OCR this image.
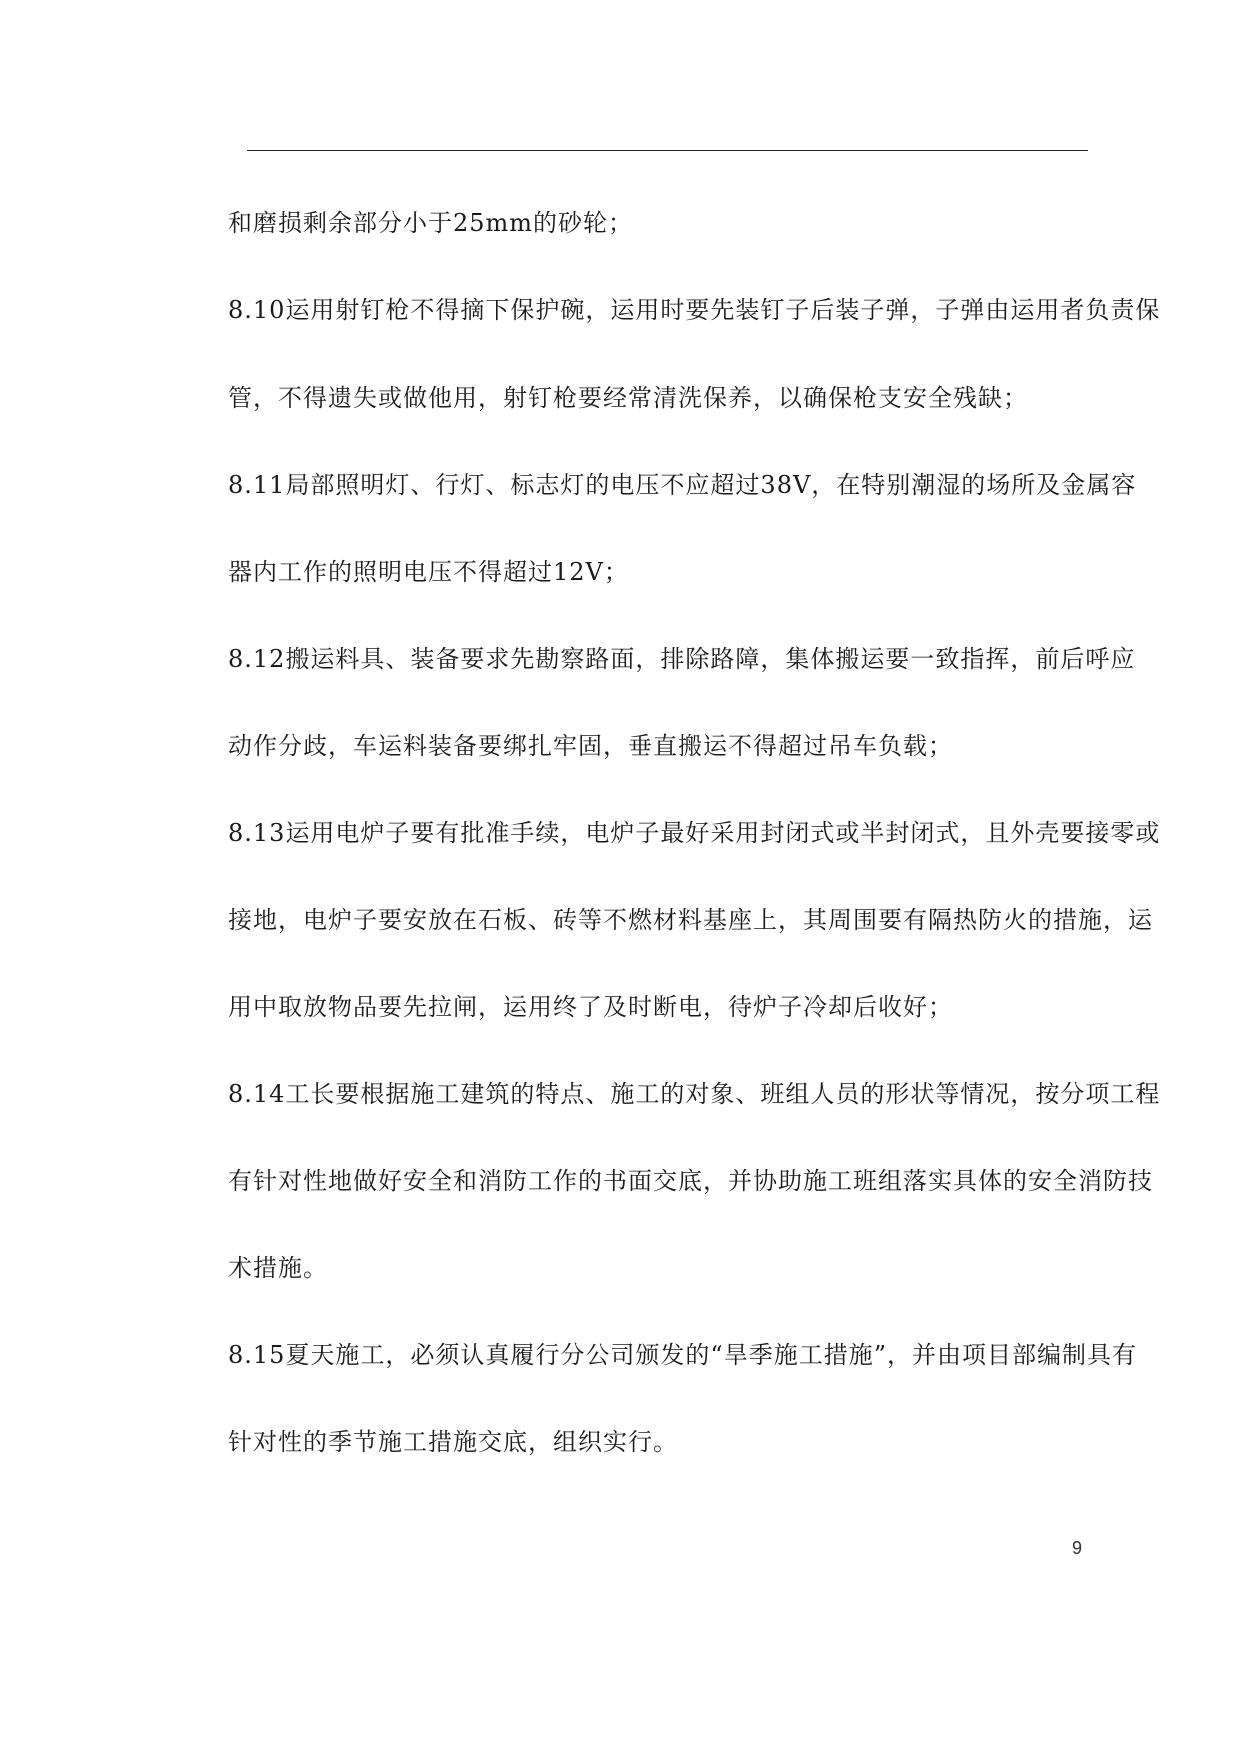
和磨损剩余部分小于25mm的砂轮；
8.10运用射钉枪不得摘下保护碗，运用时要先装钉子后装子弹，子弹由运用者负责保
管，不得遗失或做他用，射钉枪要经常清洗保养，以确保枪支安全残缺；
8.11局部照明灯、行灯、标志灯的电压不应超过38V，在特别潮湿的场所及金属容
器内工作的照明电压不得超过12V；
8.12搬运料具、装备要求先勘察路面，排除路障，集体搬运要一致指挥，前后呼应
动作分歧，车运料装备要绑扎牢固，垂直搬运不得超过吊车负载；
8.13运用电炉子要有批准手续，电炉子最好采用封闭式或半封闭式，且外壳要接零或
接地，电炉子要安放在石板、砖等不燃材料基座上，其周围要有隔热防火的措施，运
用中取放物品要先拉闸，运用终了及时断电，待炉子冷却后收好；
8.14工长要根据施工建筑的特点、施工的对象、班组人员的形状等情况，按分项工程
有针对性地做好安全和消防工作的书面交底，并协助施工班组落实具体的安全消防技
术措施。
8.15夏天施工，必须认真履行分公司颁发的“旱季施工措施”，并由项目部编制具有
针对性的季节施工措施交底，组织实行。
9
